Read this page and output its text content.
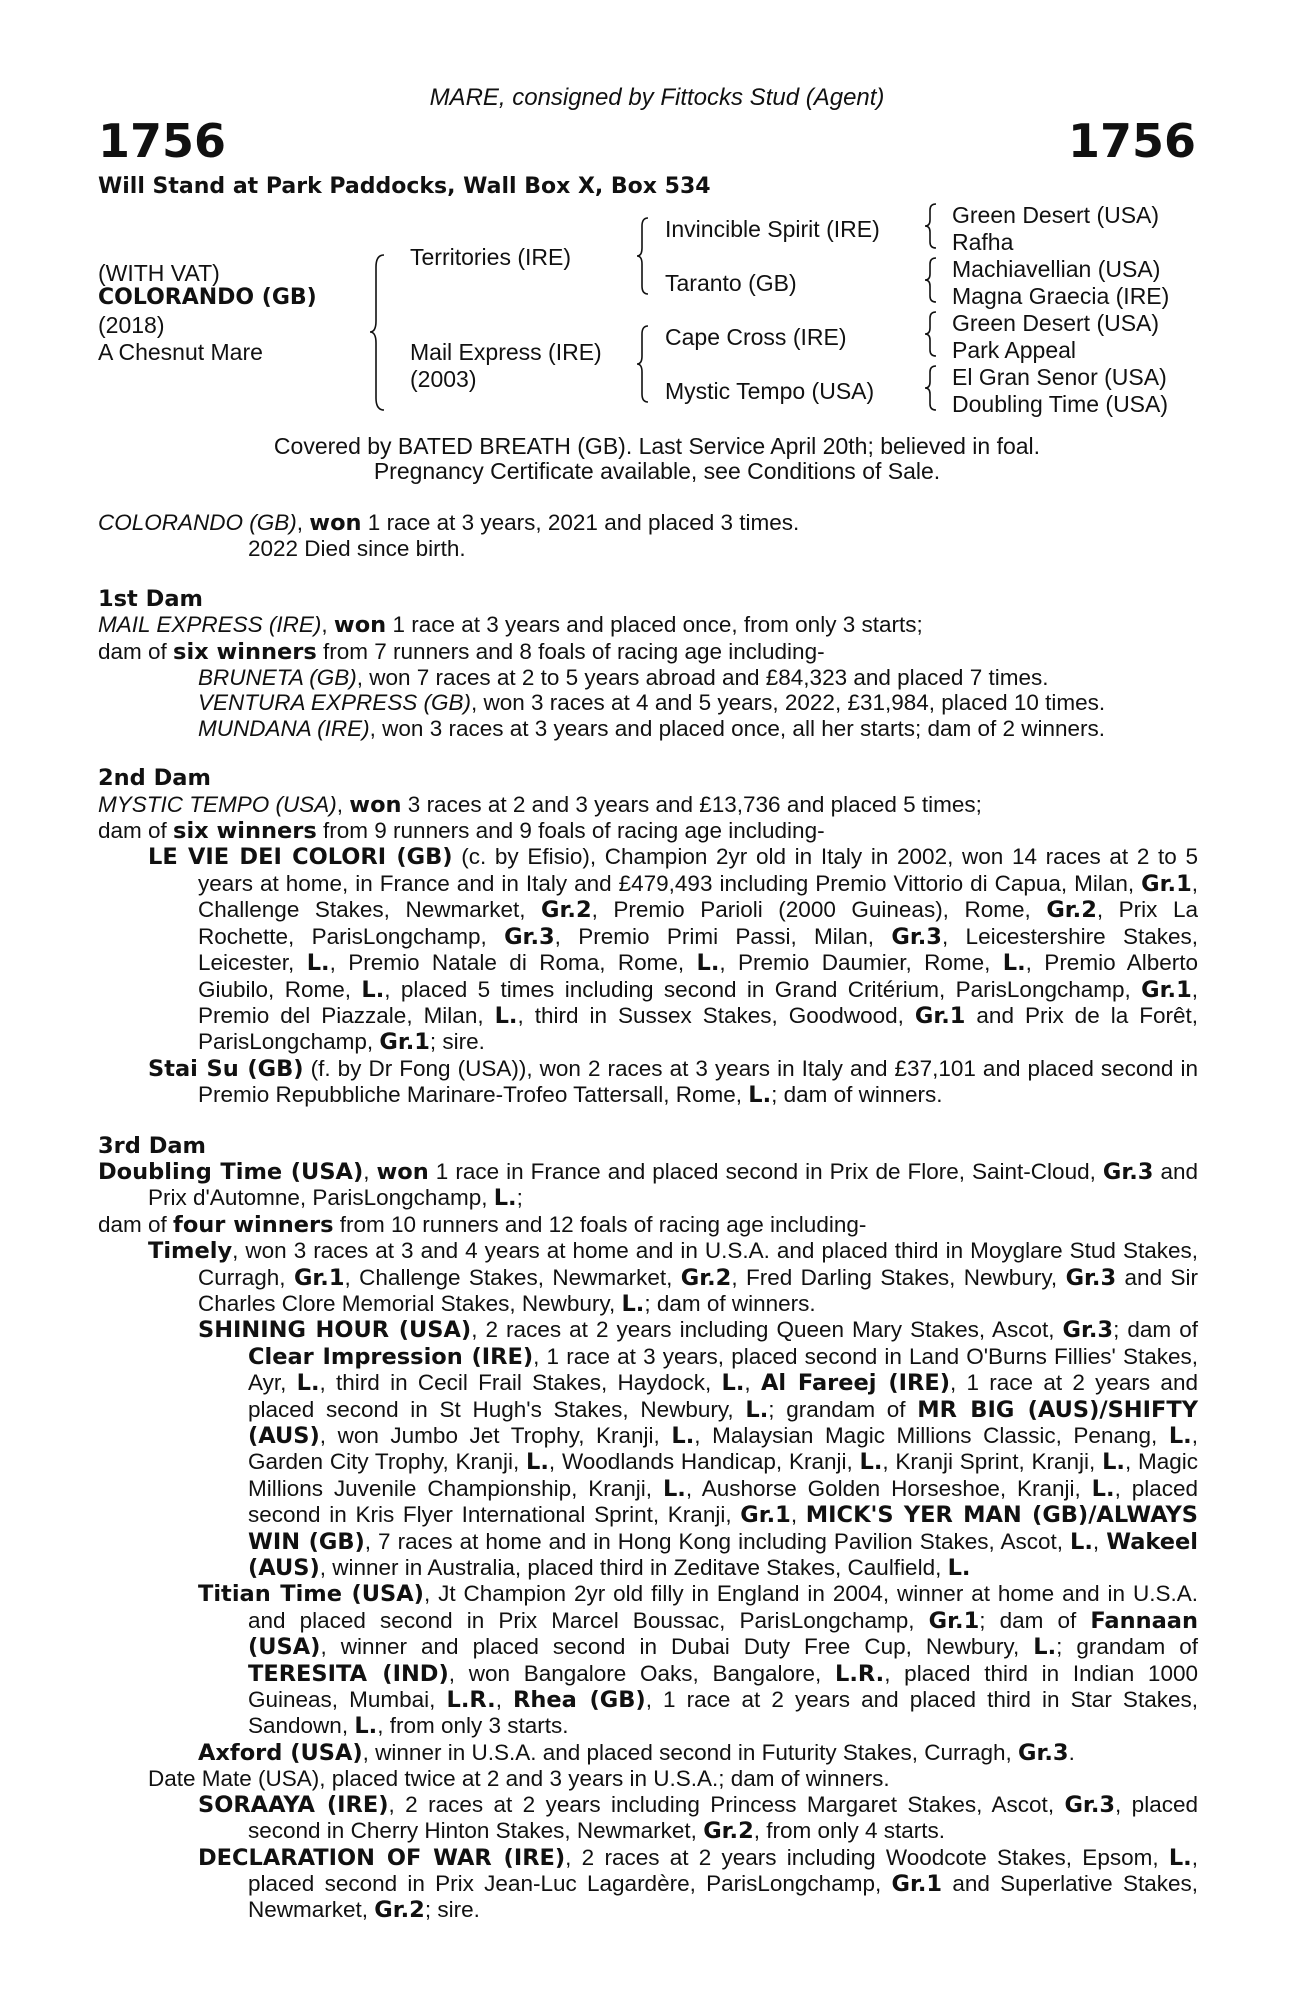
MARE, consigned by Fittocks Stud (Agent)
1756	1756
Will Stand at Park Paddocks, Wall Box X, Box 534
(WITH VAT)
COLORANDO (GB)
(2018)
A Chesnut Mare
Territories (IRE)
Mail Express (IRE)
(2003)
Invincible Spirit (IRE)
Taranto (GB)
Cape Cross (IRE)
Mystic Tempo (USA)
Green Desert (USA)
Rafha
Machiavellian (USA)
Magna Graecia (IRE)
Green Desert (USA)
Park Appeal
El Gran Senor (USA)
Doubling Time (USA)
Covered by BATED BREATH (GB). Last Service April 20th; believed in foal.
Pregnancy Certificate available, see Conditions of Sale.

COLORANDO (GB), won 1 race at 3 years, 2021 and placed 3 times.

2022 Died since birth.

1st Dam

MAIL EXPRESS (IRE), won 1 race at 3 years and placed once, from only 3 starts;

dam of six winners from 7 runners and 8 foals of racing age including-

BRUNETA (GB), won 7 races at 2 to 5 years abroad and £84,323 and placed 7 times.

VENTURA EXPRESS (GB), won 3 races at 4 and 5 years, 2022, £31,984, placed 10 times.

MUNDANA (IRE), won 3 races at 3 years and placed once, all her starts; dam of 2 winners.

2nd Dam

MYSTIC TEMPO (USA), won 3 races at 2 and 3 years and £13,736 and placed 5 times;

dam of six winners from 9 runners and 9 foals of racing age including-

LE VIE DEI COLORI (GB) (c. by Efisio), Champion 2yr old in Italy in 2002, won 14 races at 2 to 5 years at home, in France and in Italy and £479,493 including Premio Vittorio di Capua, Milan, Gr.1, Challenge Stakes, Newmarket, Gr.2, Premio Parioli (2000 Guineas), Rome, Gr.2, Prix La Rochette, ParisLongchamp, Gr.3, Premio Primi Passi, Milan, Gr.3, Leicestershire Stakes, Leicester, L., Premio Natale di Roma, Rome, L., Premio Daumier, Rome, L., Premio Alberto Giubilo, Rome, L., placed 5 times including second in Grand Critérium, ParisLongchamp, Gr.1, Premio del Piazzale, Milan, L., third in Sussex Stakes, Goodwood, Gr.1 and Prix de la Forêt, ParisLongchamp, Gr.1; sire.

Stai Su (GB) (f. by Dr Fong (USA)), won 2 races at 3 years in Italy and £37,101 and placed second in Premio Repubbliche Marinare-Trofeo Tattersall, Rome, L.; dam of winners.

3rd Dam

Doubling Time (USA), won 1 race in France and placed second in Prix de Flore, Saint-Cloud, Gr.3 and Prix d'Automne, ParisLongchamp, L.;

dam of four winners from 10 runners and 12 foals of racing age including-

Timely, won 3 races at 3 and 4 years at home and in U.S.A. and placed third in Moyglare Stud Stakes, Curragh, Gr.1, Challenge Stakes, Newmarket, Gr.2, Fred Darling Stakes, Newbury, Gr.3 and Sir Charles Clore Memorial Stakes, Newbury, L.; dam of winners.

SHINING HOUR (USA), 2 races at 2 years including Queen Mary Stakes, Ascot, Gr.3; dam of Clear Impression (IRE), 1 race at 3 years, placed second in Land O'Burns Fillies' Stakes, Ayr, L., third in Cecil Frail Stakes, Haydock, L., Al Fareej (IRE), 1 race at 2 years and placed second in St Hugh's Stakes, Newbury, L.; grandam of MR BIG (AUS)/SHIFTY (AUS), won Jumbo Jet Trophy, Kranji, L., Malaysian Magic Millions Classic, Penang, L., Garden City Trophy, Kranji, L., Woodlands Handicap, Kranji, L., Kranji Sprint, Kranji, L., Magic Millions Juvenile Championship, Kranji, L., Aushorse Golden Horseshoe, Kranji, L., placed second in Kris Flyer International Sprint, Kranji, Gr.1, MICK'S YER MAN (GB)/ALWAYS WIN (GB), 7 races at home and in Hong Kong including Pavilion Stakes, Ascot, L., Wakeel (AUS), winner in Australia, placed third in Zeditave Stakes, Caulfield, L.

Titian Time (USA), Jt Champion 2yr old filly in England in 2004, winner at home and in U.S.A. and placed second in Prix Marcel Boussac, ParisLongchamp, Gr.1; dam of Fannaan (USA), winner and placed second in Dubai Duty Free Cup, Newbury, L.; grandam of TERESITA (IND), won Bangalore Oaks, Bangalore, L.R., placed third in Indian 1000 Guineas, Mumbai, L.R., Rhea (GB), 1 race at 2 years and placed third in Star Stakes, Sandown, L., from only 3 starts.

Axford (USA), winner in U.S.A. and placed second in Futurity Stakes, Curragh, Gr.3.

Date Mate (USA), placed twice at 2 and 3 years in U.S.A.; dam of winners.

SORAAYA (IRE), 2 races at 2 years including Princess Margaret Stakes, Ascot, Gr.3, placed second in Cherry Hinton Stakes, Newmarket, Gr.2, from only 4 starts.

DECLARATION OF WAR (IRE), 2 races at 2 years including Woodcote Stakes, Epsom, L., placed second in Prix Jean-Luc Lagardère, ParisLongchamp, Gr.1 and Superlative Stakes, Newmarket, Gr.2; sire.
